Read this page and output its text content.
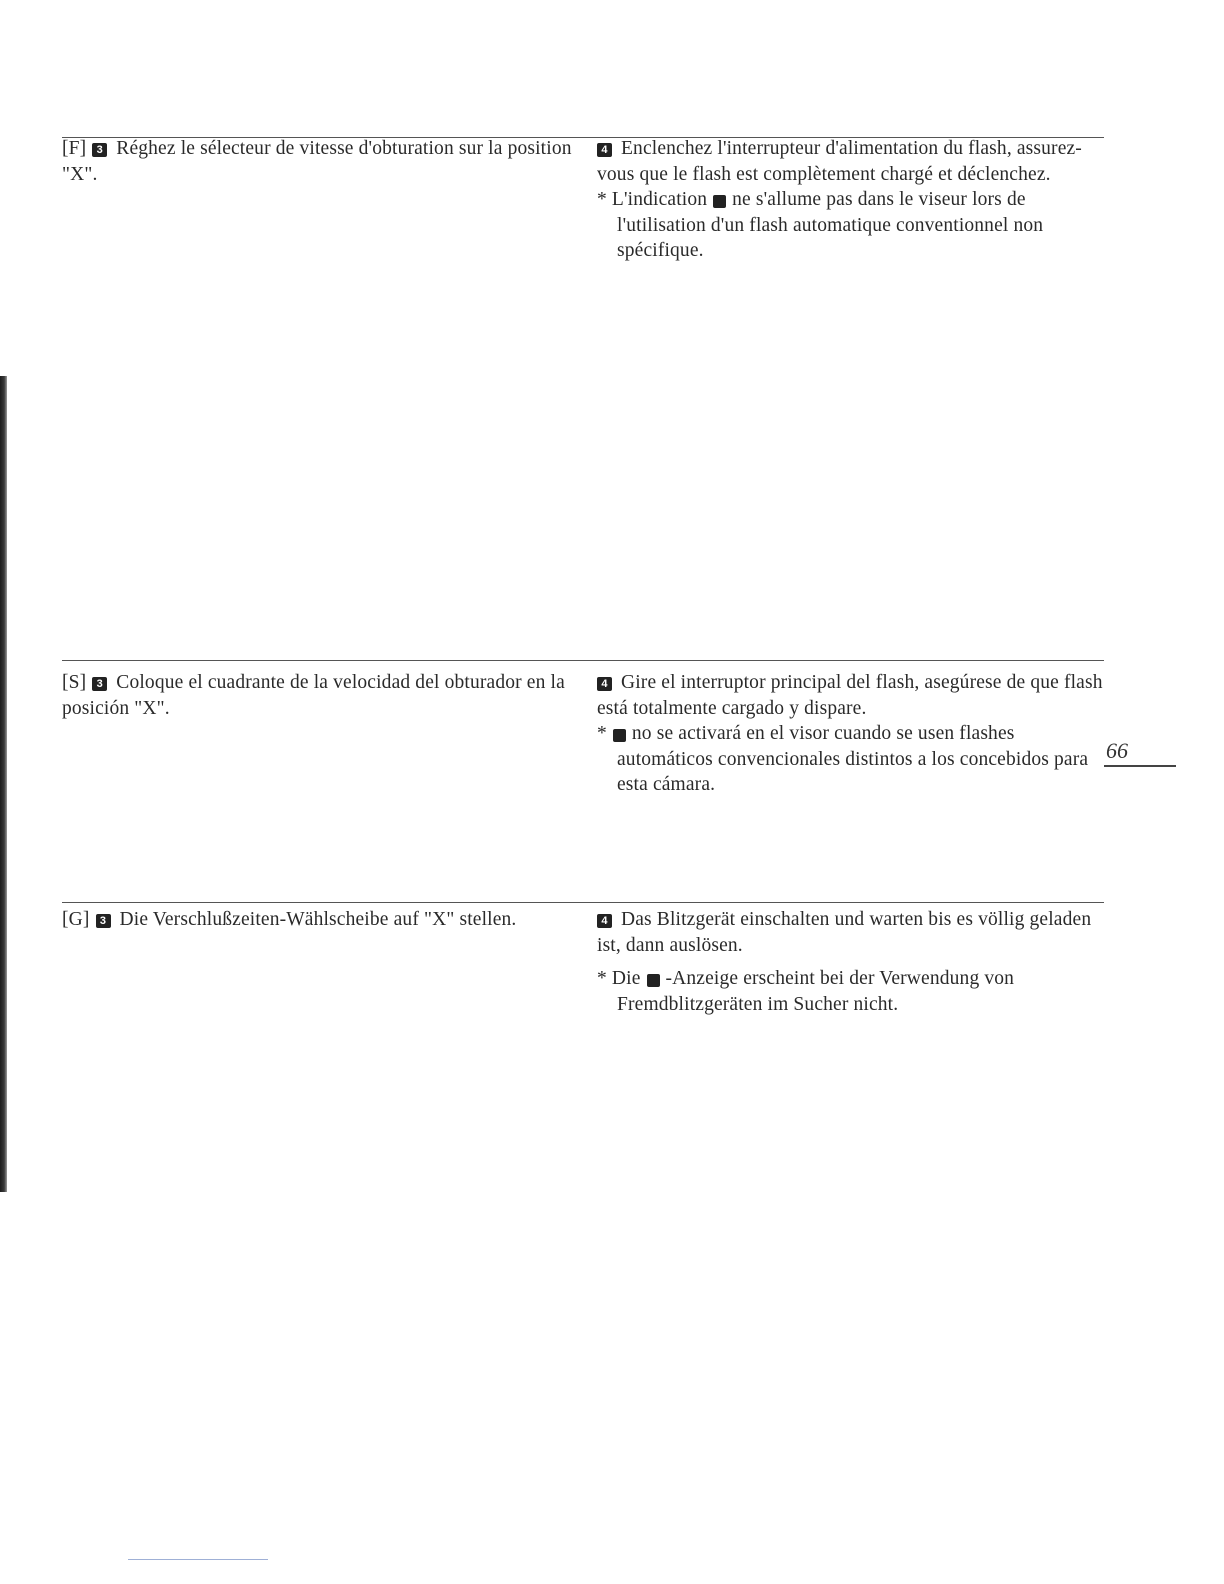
[F] 3 Réghez le sélecteur de vitesse d'obturation sur la position "X".
4 Enclenchez l'interrupteur d'alimentation du flash, assurez-vous que le flash est complètement chargé et déclenchez.
* L'indication5 ne s'allume pas dans le viseur lors de l'utilisation d'un flash automatique conventionnel non spécifique.
[S] 3 Coloque el cuadrante de la velocidad del obturador en la posición "X".
4 Gire el interruptor principal del flash, asegúrese de que flash está totalmente cargado y dispare.
*5 no se activará en el visor cuando se usen flashes automáticos convencionales distintos a los concebidos para esta cámara.
[G] 3 Die Verschlußzeiten-Wählscheibe auf "X" stellen.	4 Das Blitzgerät einschalten und warten bis es völlig geladen ist, dann auslösen.
* Die5 -Anzeige erscheint bei der Verwendung von Fremdblitzgeräten im Sucher nicht.
66
